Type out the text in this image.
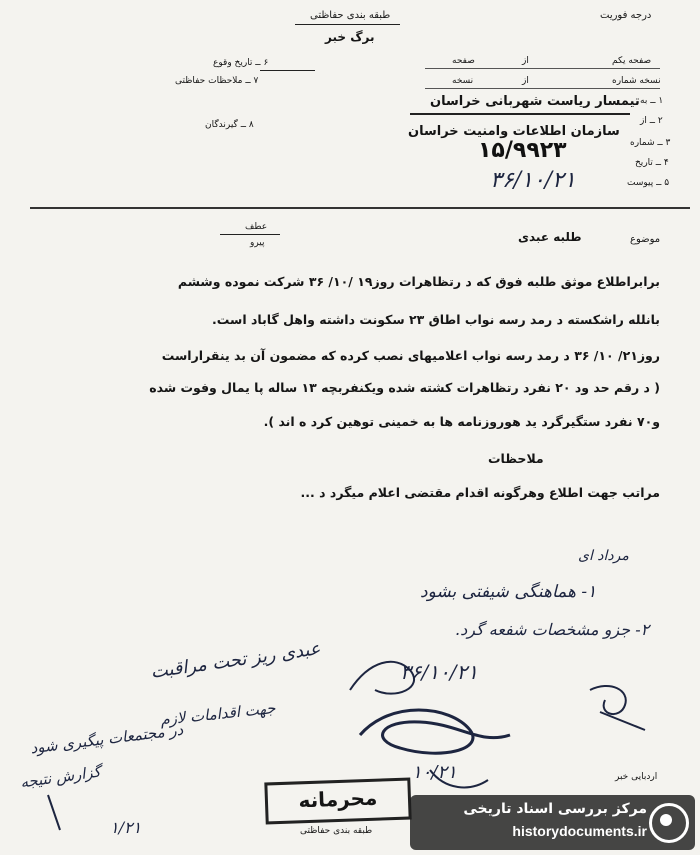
درجه فوریت
طبقه بندی حفاظتی
برگ خبر
صفحه یکم
از
صفحه
نسخه شماره
از
نسخه
۶ ــ تاریخ وقوع
۷ ــ ملاحظات حفاظتی
۸ ــ گیرندگان
۱ ــ به
۲ ــ از
۳ ــ شماره
۴ ــ تاریخ
۵ ــ پیوست
تیمسار ریاست شهربانی خراسان
سازمان اطلاعات وامنیت خراسان
۱۵/۹۹۲۳
۳۶/۱۰/۲۱
عطف
پیرو	موضوع
طلبه عبدی
برابراطلاع موثق طلبه فوق که د رتظاهرات روز۱۹ /۱۰/ ۳۶ شرکت نموده وششم
بانلله راشکسته د رمد رسه نواب اطاق ۲۳ سکونت داشته واهل گاباد است.
روز۲۱/ ۱۰/ ۳۶ د رمد رسه نواب اعلامیهای نصب کرده که مضمون آن بد ینقراراست
( د رقم حد ود ۲۰ نفرد رتظاهرات کشته شده ویکنفربچه ۱۳ ساله پا یمال وفوت شده
و۷۰ نفرد ستگیرگرد ید هوروزنامه ها به خمینی توهین کرد ه اند ).
ملاحظات
مراتب جهت اطلاع وهرگونه اقدام مقتضی اعلام میگرد د ...
مرداد ای
۱- هماهنگی شیفتی بشود
۲- جزو مشخصات شفعه گرد.
۳۶/۱۰/۲۱
عبدی ریز تحت مراقبت
جهت اقدامات لازم
در مجتمعات پیگیری شود
گزارش نتیجه
۱/۲۱
۱۰/۲۱	اردبایی خبر
محرمانه
طبقه بندی حفاظتی
مرکز بررسی اسناد تاریخی
historydocuments.ir
